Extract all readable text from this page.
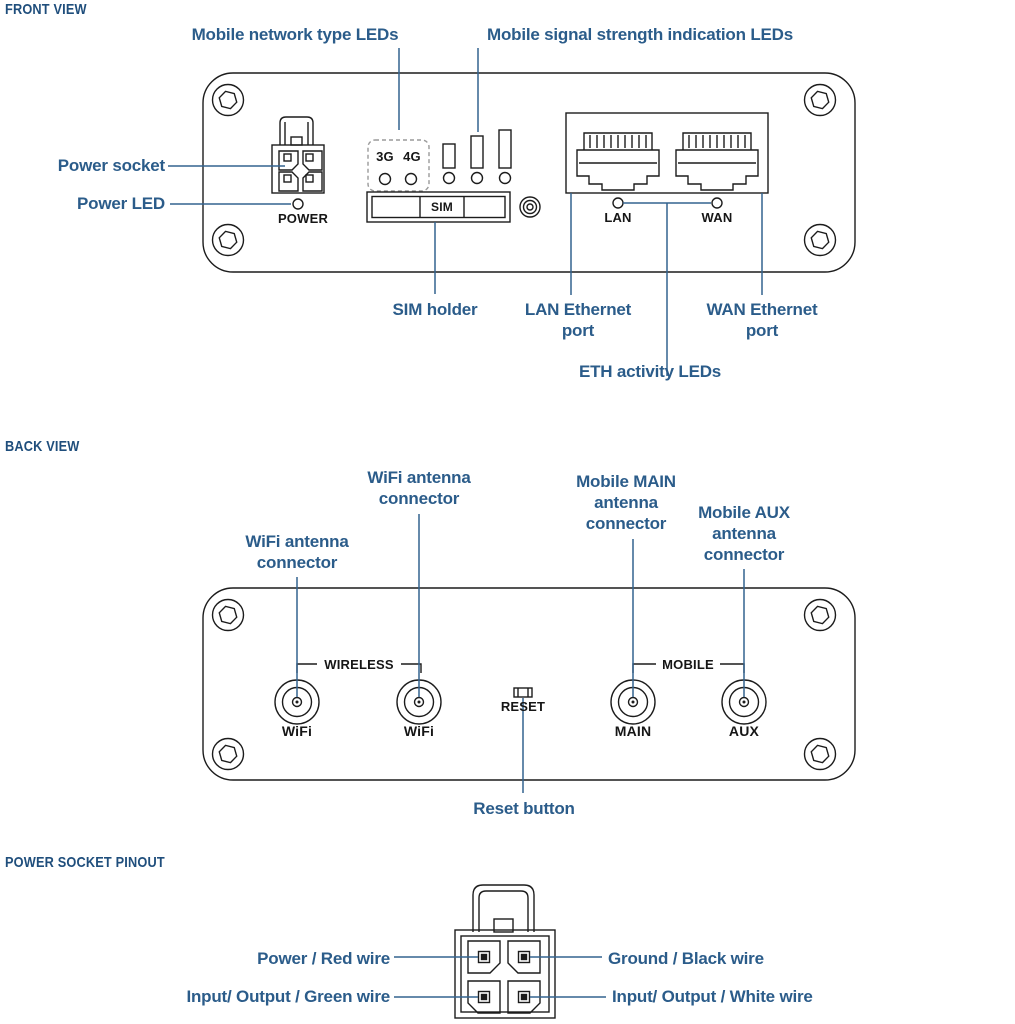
FRONT VIEW
BACK VIEW
POWER SOCKET PINOUT
Mobile network type LEDs	Mobile signal strength indication LEDs
Power socket
Power LED
SIM holder	LAN Ethernet port
WAN Ethernet port
ETH activity LEDs
POWER
3G 4G
SIM
LAN	WAN
WiFi antenna connector
WiFi antenna connector
Mobile MAIN antenna connector
Mobile AUX antenna connector
Reset button
WIRELESS	MOBILE
RESET
WiFi	WiFi	MAIN	AUX
Power / Red wire	Ground / Black wire
Input/ Output / Green wire	Input/ Output / White wire
